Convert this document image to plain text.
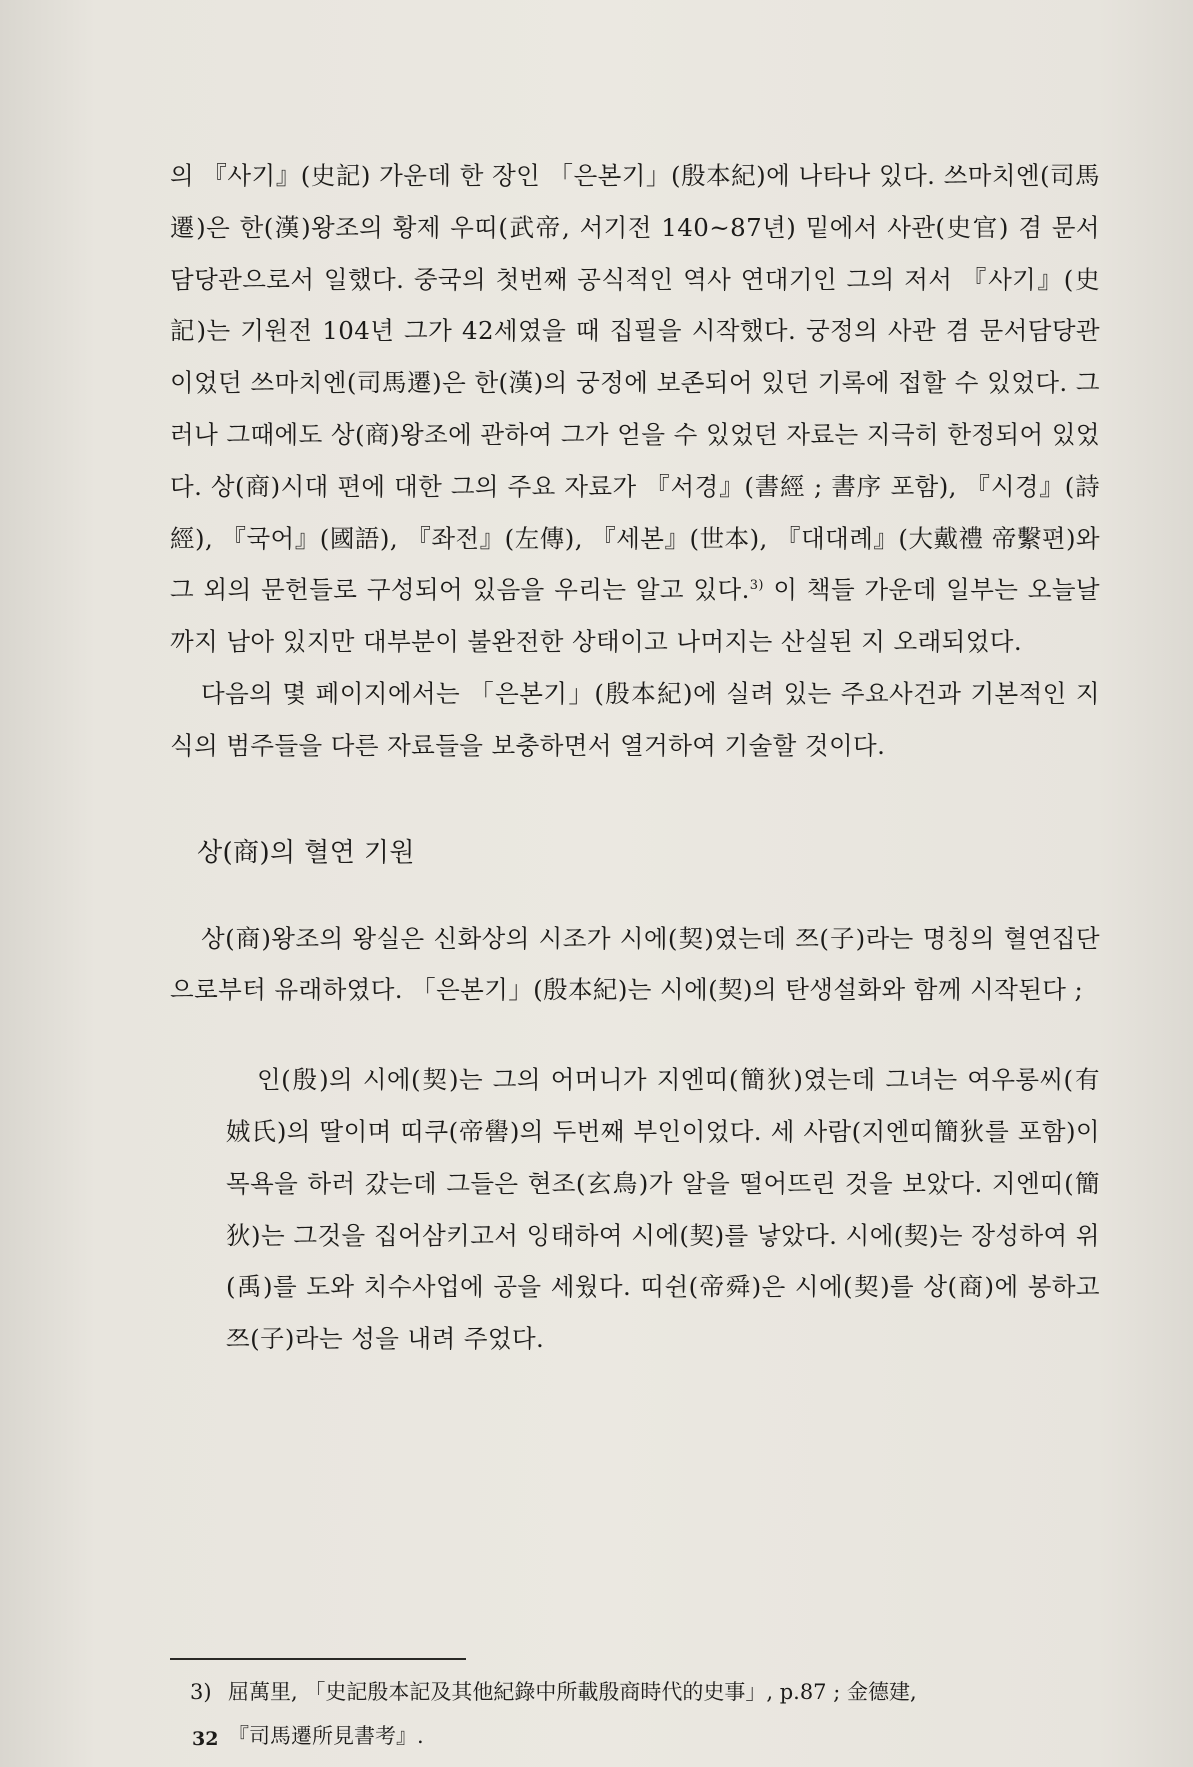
의 『사기』(史記) 가운데 한 장인 「은본기」(殷本紀)에 나타나 있다. 쓰마치엔(司馬遷)은 한(漢)왕조의 황제 우띠(武帝, 서기전 140~87년) 밑에서 사관(史官) 겸 문서담당관으로서 일했다. 중국의 첫번째 공식적인 역사 연대기인 그의 저서 『사기』(史記)는 기원전 104년 그가 42세였을 때 집필을 시작했다. 궁정의 사관 겸 문서담당관이었던 쓰마치엔(司馬遷)은 한(漢)의 궁정에 보존되어 있던 기록에 접할 수 있었다. 그러나 그때에도 상(商)왕조에 관하여 그가 얻을 수 있었던 자료는 지극히 한정되어 있었다. 상(商)시대 편에 대한 그의 주요 자료가 『서경』(書經 ; 書序 포함), 『시경』(詩經), 『국어』(國語), 『좌전』(左傳), 『세본』(世本), 『대대례』(大戴禮 帝繫편)와 그 외의 문헌들로 구성되어 있음을 우리는 알고 있다.$^{3)}$ 이 책들 가운데 일부는 오늘날까지 남아 있지만 대부분이 불완전한 상태이고 나머지는 산실된 지 오래되었다.

다음의 몇 페이지에서는 「은본기」(殷本紀)에 실려 있는 주요사건과 기본적인 지식의 범주들을 다른 자료들을 보충하면서 열거하여 기술할 것이다.

상(商)의 혈연 기원

상(商)왕조의 왕실은 신화상의 시조가 시에(契)였는데 쯔(子)라는 명칭의 혈연집단으로부터 유래하였다. 「은본기」(殷本紀)는 시에(契)의 탄생설화와 함께 시작된다 ;

인(殷)의 시에(契)는 그의 어머니가 지엔띠(簡狄)였는데 그녀는 여우롱씨(有娀氏)의 딸이며 띠쿠(帝嚳)의 두번째 부인이었다. 세 사람(지엔띠簡狄를 포함)이 목욕을 하러 갔는데 그들은 현조(玄鳥)가 알을 떨어뜨린 것을 보았다. 지엔띠(簡狄)는 그것을 집어삼키고서 잉태하여 시에(契)를 낳았다. 시에(契)는 장성하여 위(禹)를 도와 치수사업에 공을 세웠다. 띠쉰(帝舜)은 시에(契)를 상(商)에 봉하고 쯔(子)라는 성을 내려 주었다.

3) 屈萬里, 「史記殷本記及其他紀錄中所載殷商時代的史事」, p.87 ; 金德建,
『司馬遷所見書考』.
32
